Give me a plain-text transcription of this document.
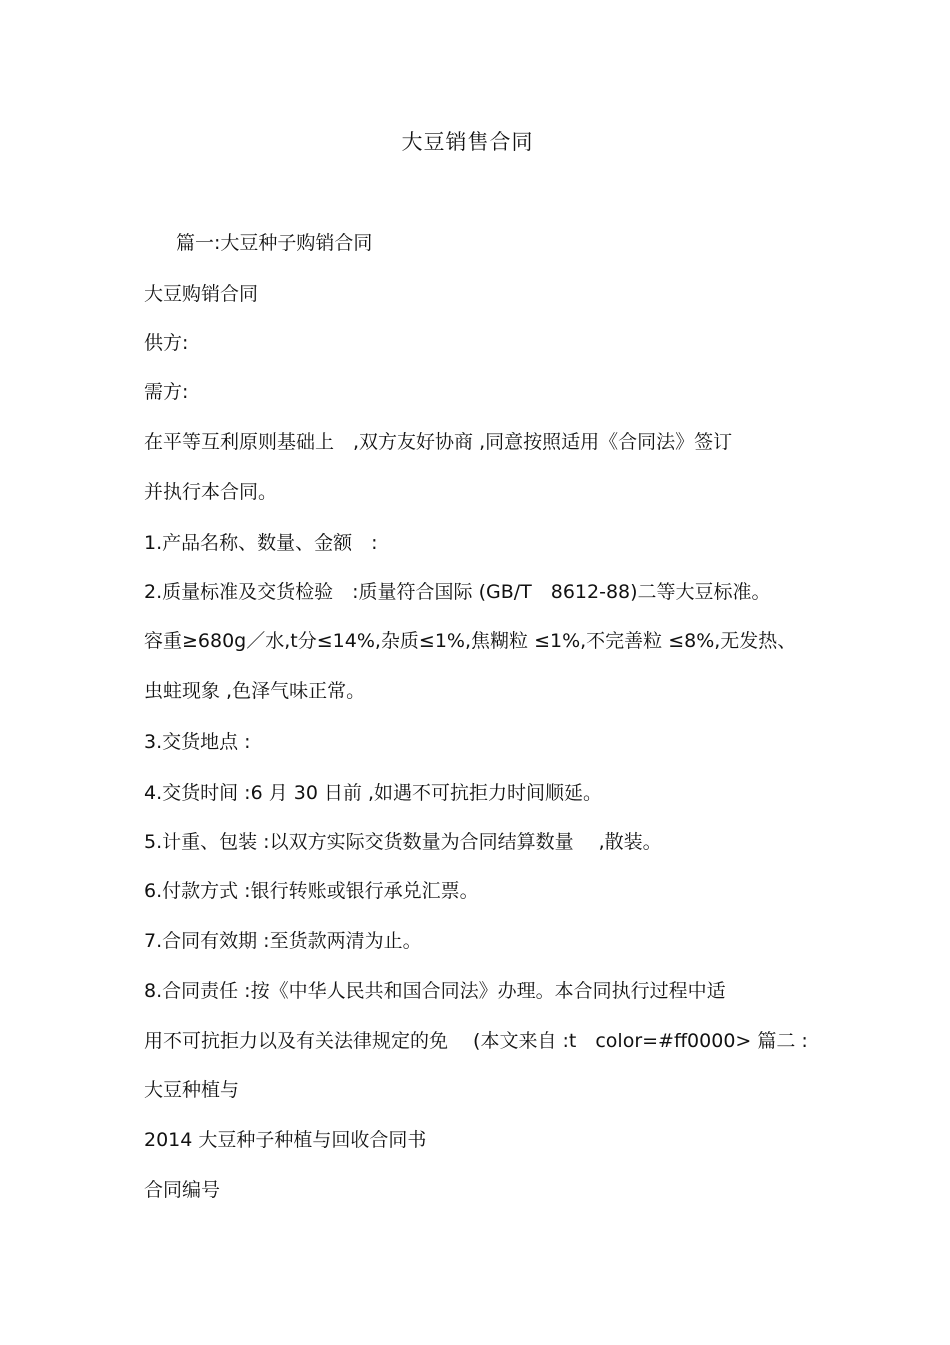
大豆销售合同
篇一:大豆种子购销合同
大豆购销合同
供方:
需方:
在平等互利原则基础上　,双方友好协商 ,同意按照适用《合同法》签订
并执行本合同。
1.产品名称、数量、金额　:
2.质量标准及交货检验　:质量符合国际 (GB/T　8612-88)二等大豆标准。
容重≥680g／水,t分≤14%,杂质≤1%,焦糊粒 ≤1%,不完善粒 ≤8%,无发热、
虫蛀现象 ,色泽气味正常。
3.交货地点 :
4.交货时间 :6 月 30 日前 ,如遇不可抗拒力时间顺延。
5.计重、包装 :以双方实际交货数量为合同结算数量　 ,散装。
6.付款方式 :银行转账或银行承兑汇票。
7.合同有效期 :至货款两清为止。
8.合同责任 :按《中华人民共和国合同法》办理。本合同执行过程中适
用不可抗拒力以及有关法律规定的免　 (本文来自 :t　color=#ff0000> 篇二 :
大豆种植与
2014 大豆种子种植与回收合同书
合同编号
